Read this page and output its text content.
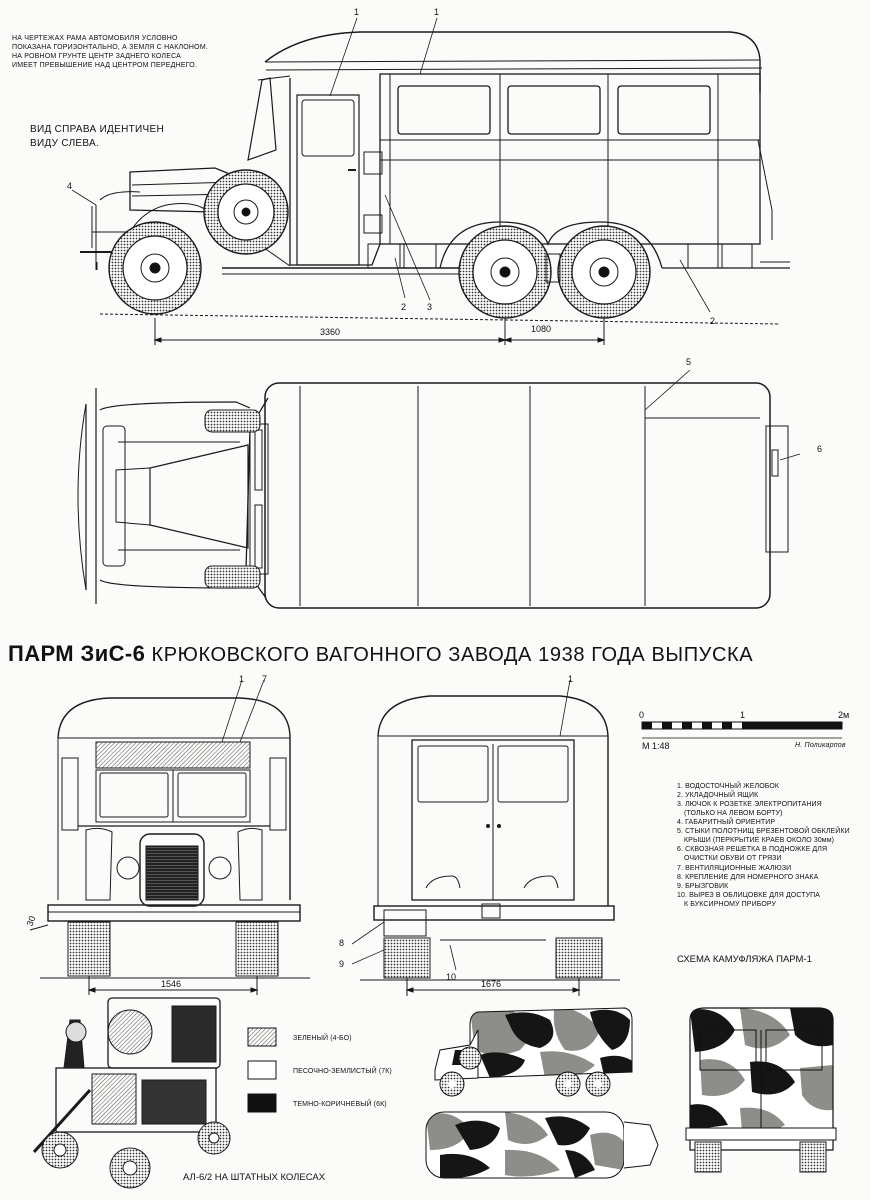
НА ЧЕРТЕЖАХ РАМА АВТОМОБИЛЯ УСЛОВНО
ПОКАЗАНА ГОРИЗОНТАЛЬНО, А ЗЕМЛЯ С НАКЛОНОМ.
НА РОВНОМ ГРУНТЕ ЦЕНТР ЗАДНЕГО КОЛЕСА
ИМЕЕТ ПРЕВЫШЕНИЕ НАД ЦЕНТРОМ ПЕРЕДНЕГО.
ВИД СПРАВА ИДЕНТИЧЕН
ВИДУ СЛЕВА.
1	1
4
2 3
2
3360	1080
5
6
ПАРМ ЗиС-6 КРЮКОВСКОГО ВАГОННОГО ЗАВОДА 1938 ГОДА ВЫПУСКА
1 7	1
8
9
10
30
1546	1676
0	1	2м
М 1:48	Н. Поликарпов
1. ВОДОСТОЧНЫЙ ЖЕЛОБОК
2. УКЛАДОЧНЫЙ ЯЩИК
3. ЛЮЧОК К РОЗЕТКЕ ЭЛЕКТРОПИТАНИЯ
(ТОЛЬКО НА ЛЕВОМ БОРТУ)
4. ГАБАРИТНЫЙ ОРИЕНТИР
5. СТЫКИ ПОЛОТНИЩ БРЕЗЕНТОВОЙ ОБКЛЕЙКИ
КРЫШИ (ПЕРКРЫТИЕ КРАЕВ ОКОЛО 30мм)
6. СКВОЗНАЯ РЕШЕТКА В ПОДНОЖКЕ ДЛЯ
ОЧИСТКИ ОБУВИ ОТ ГРЯЗИ
7. ВЕНТИЛЯЦИОННЫЕ ЖАЛЮЗИ
8. КРЕПЛЕНИЕ ДЛЯ НОМЕРНОГО ЗНАКА
9. БРЫЗГОВИК
10. ВЫРЕЗ В ОБЛИЦОВКЕ ДЛЯ ДОСТУПА
К БУКСИРНОМУ ПРИБОРУ
СХЕМА КАМУФЛЯЖА ПАРМ-1
ЗЕЛЕНЫЙ (4-БО)
ПЕСОЧНО-ЗЕМЛИСТЫЙ (7К)
ТЕМНО-КОРИЧНЕВЫЙ (6К)
АЛ-6/2 НА ШТАТНЫХ КОЛЕСАХ
